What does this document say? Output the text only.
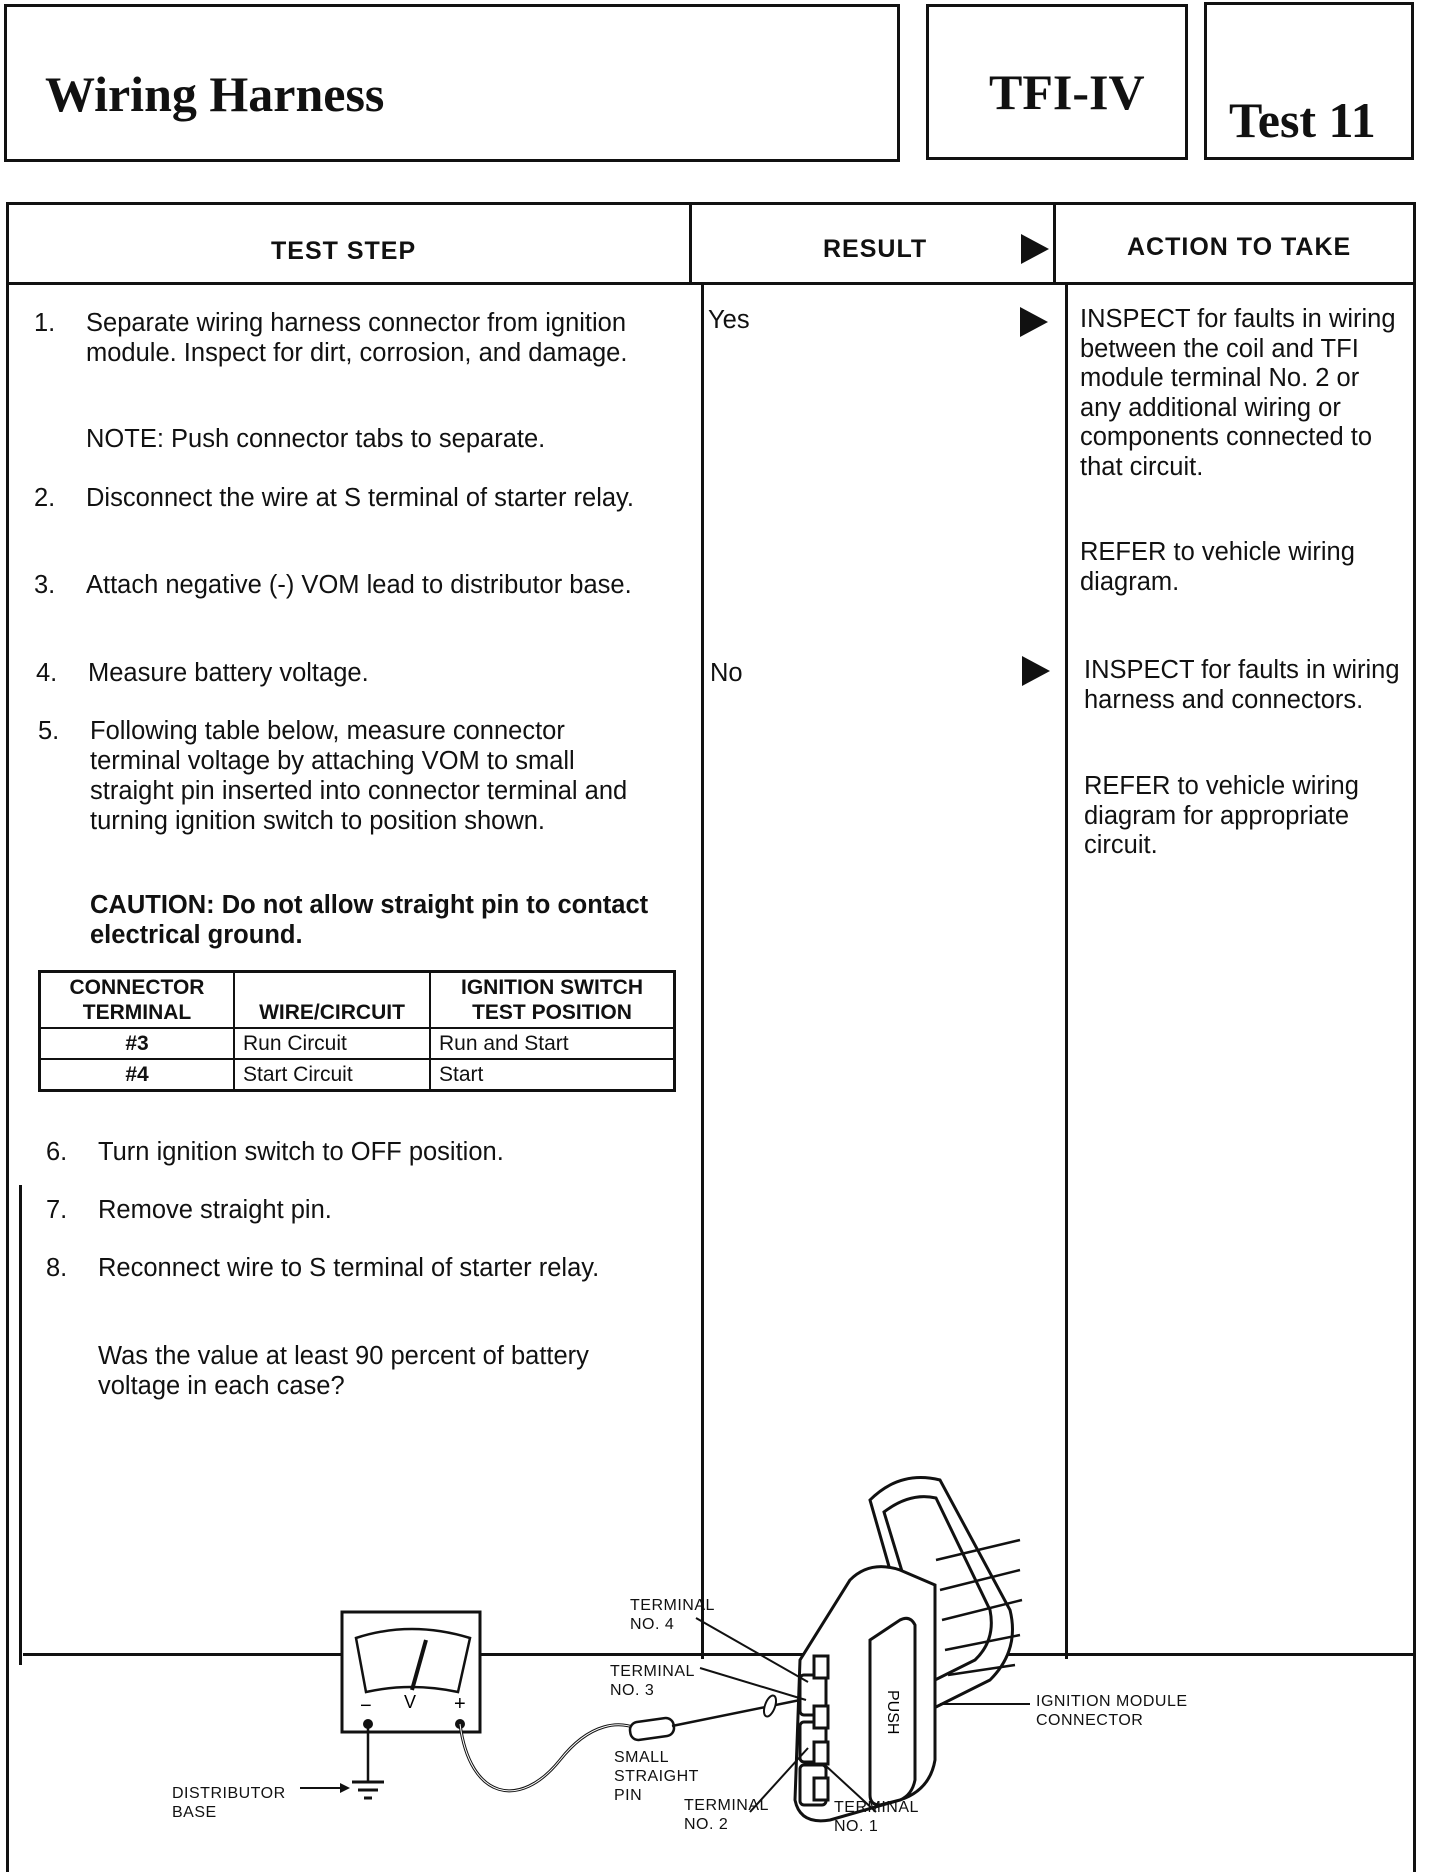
Wiring Harness	TFI-IV Test 11
TEST STEP	RESULT	ACTION TO TAKE
1. Separate wiring harness connector from ignition module. Inspect for dirt, corrosion, and damage.
NOTE: Push connector tabs to separate.
2. Disconnect the wire at S terminal of starter relay.
3. Attach negative (-) VOM lead to distributor base.
4. Measure battery voltage.
5. Following table below, measure connector terminal voltage by attaching VOM to small straight pin inserted into connector terminal and turning ignition switch to position shown.
CAUTION: Do not allow straight pin to contact electrical ground.
CONNECTOR TERMINAL	WIRE/CIRCUIT	IGNITION SWITCH TEST POSITION
#3	Run Circuit	Run and Start
#4	Start Circuit	Start
6. Turn ignition switch to OFF position.
7. Remove straight pin.
8. Reconnect wire to S terminal of starter relay.
Was the value at least 90 percent of battery voltage in each case?
Yes	INSPECT for faults in wiring between the coil and TFI module terminal No. 2 or any additional wiring or components connected to that circuit.
REFER to vehicle wiring diagram.
No	INSPECT for faults in wiring harness and connectors.
REFER to vehicle wiring diagram for appropriate circuit.
− V +	PUSH
TERMINAL NO. 4
TERMINAL NO. 3
SMALL STRAIGHT PIN
TERMINAL NO. 2
TERMINAL NO. 1
IGNITION MODULE CONNECTOR
DISTRIBUTOR BASE
